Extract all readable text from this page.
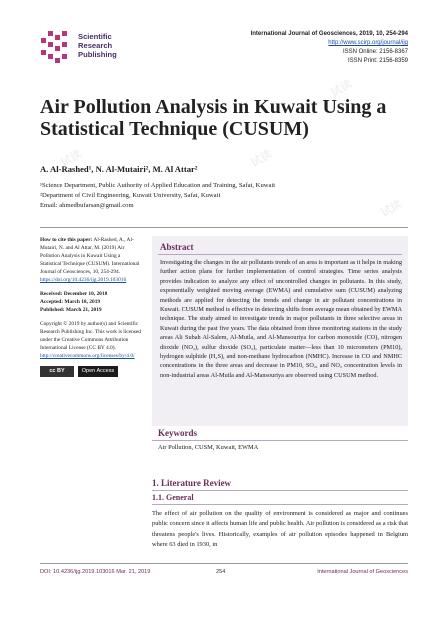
试读
试读
试读
试读
Scientific
Research
Publishing
International Journal of Geosciences, 2019, 10, 254-294
http://www.scirp.org/journal/ijg
ISSN Online: 2156-8367
ISSN Print: 2156-8359
Air Pollution Analysis in Kuwait Using a Statistical Technique (CUSUM)
A. Al-Rashed¹, N. Al-Mutairi², M. Al Attar²
¹Science Department, Public Authority of Applied Education and Training, Safat, Kuwait
²Department of Civil Engineering, Kuwait University, Safat, Kuwait
Email: ahmedbufarsan@gmail.com

How to cite this paper: Al-Rashed, A., Al-Mutairi, N. and Al Attar, M. (2019) Air Pollution Analysis in Kuwait Using a Statistical Technique (CUSUM). International Journal of Geosciences, 10, 254-294. https://doi.org/10.4236/ijg.2019.103016

Received: December 10, 2018
Accepted: March 18, 2019
Published: March 21, 2019

Copyright © 2019 by author(s) and Scientific Research Publishing Inc. This work is licensed under the Creative Commons Attribution International License (CC BY 4.0).
http://creativecommons.org/licenses/by/4.0/

cc BY	Open Access
Abstract
Investigating the changes in the air pollutants trends of an area is important as it helps in making further action plans for further implementation of control strategies. Time series analysis provides indication to analyze any effect of uncontrolled changes in pollutants. In this study, exponentially weighted moving average (EWMA) and cumulative sum (CUSUM) analyzing methods are applied for detecting the trends and change in air pollutant concentrations in Kuwait. CUSUM method is effective in detecting shifts from average mean obtained by EWMA technique. The study aimed to investigate trends in major pollutants in three selective areas in Kuwait during the past five years. The data obtained from three monitoring stations in the study areas Ali Subah Al-Salem, Al-Mutla, and Al-Mansouriya for carbon monoxide (CO), nitrogen dioxide (NO₂), sulfur dioxide (SO₂), particulate matter—less than 10 micrometers (PM10), hydrogen sulphide (H₂S), and non-methane hydrocarbon (NMHC). Increase in CO and NMHC concentrations in the three areas and decrease in PM10, SO₂, and NO₂ concentration levels in non-industrial areas Al-Mutla and Al-Mansouriya are observed using CUSUM method.
Keywords
Air Pollution, CUSM, Kuwait, EWMA
1. Literature Review
1.1. General
The effect of air pollution on the quality of environment is considered as major and continues public concern since it affects human life and public health. Air pollution is considered as a risk that threatens people's lives. Historically, examples of air pollution episodes happened in Belgium where 63 died in 1930, in
DOI: 10.4236/ijg.2019.103016 Mar. 21, 2019	254	International Journal of Geosciences
